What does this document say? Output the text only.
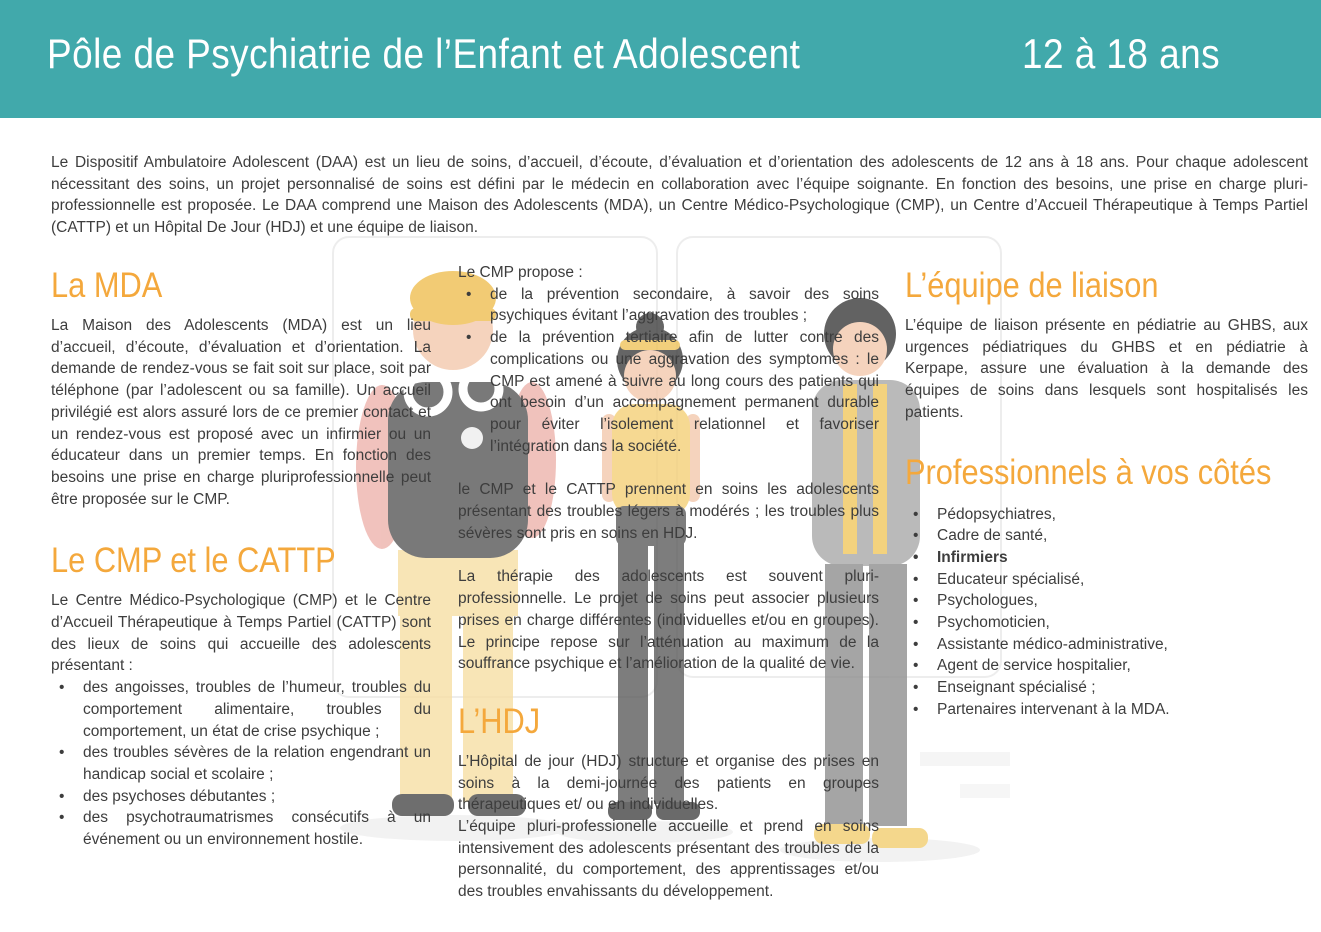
Pôle de Psychiatrie de l’Enfant et Adolescent	12 à 18 ans

Le Dispositif Ambulatoire Adolescent (DAA) est un lieu de soins, d’accueil, d’écoute, d’évaluation et d’orientation des adolescents de 12 ans à 18 ans. Pour chaque adolescent nécessitant des soins, un projet personnalisé de soins est défini par le médecin en collaboration avec l’équipe soignante. En fonction des besoins, une prise en charge pluri-professionnelle est proposée. Le DAA comprend une Maison des Adolescents (MDA), un Centre Médico-Psychologique (CMP), un Centre d’Accueil Thérapeutique à Temps Partiel (CATTP) et un Hôpital De Jour (HDJ) et une équipe de liaison.

La MDA

La Maison des Adolescents (MDA) est un lieu d’accueil, d’écoute, d’évaluation et d’orientation. La demande de rendez-vous se fait soit sur place, soit par téléphone (par l’adolescent ou sa famille). Un accueil privilégié est alors assuré lors de ce premier contact et un rendez-vous est proposé avec un infirmier ou un éducateur dans un premier temps. En fonction des besoins une prise en charge pluriprofessionnelle peut être proposée sur le CMP.

Le CMP et le CATTP

Le Centre Médico-Psychologique (CMP) et le Centre d’Accueil Thérapeutique à Temps Partiel (CATTP) sont des lieux de soins qui accueille des adolescents présentant :

• des angoisses, troubles de l’humeur, troubles du comportement alimentaire, troubles du comportement, un état de crise psychique ;
• des troubles sévères de la relation engendrant un handicap social et scolaire ;
• des psychoses débutantes ;
• des psychotraumatrismes consécutifs à un événement ou un environnement hostile.

Le CMP propose :

• de la prévention secondaire, à savoir des soins psychiques évitant l’aggravation des troubles ;
• de la prévention tertiaire afin de lutter contre des complications ou une aggravation des symptomes : le CMP est amené à suivre au long cours des patients qui ont besoin d’un accompagnement permanent durable pour éviter l’isolement relationnel et favoriser l’intégration dans la société.

le CMP et le CATTP prennent en soins les adolescents présentant des troubles légers à modérés ; les troubles plus sévères sont pris en soins en HDJ.

La thérapie des adolescents est souvent pluri-professionnelle. Le projet de soins peut associer plusieurs prises en charge différentes (individuelles et/ou en groupes). Le principe repose sur l’atténuation au maximum de la souffrance psychique et l’amélioration de la qualité de vie.

L’HDJ

L’Hôpital de jour (HDJ) structure et organise des prises en soins à la demi-journée des patients en groupes thérapeutiques et/ ou en individuelles.

L’équipe pluri-professionelle accueille et prend en soins intensivement des adolescents présentant des troubles de la personnalité, du comportement, des apprentissages et/ou des troubles envahissants du développement.

L’équipe de liaison

L’équipe de liaison présente en pédiatrie au GHBS, aux urgences pédiatriques du GHBS et en pédiatrie à Kerpape, assure une évaluation à la demande des équipes de soins dans lesquels sont hospitalisés les patients.

Professionnels à vos côtés
• Pédopsychiatres,
• Cadre de santé,
• Infirmiers
• Educateur spécialisé,
• Psychologues,
• Psychomoticien,
• Assistante médico-administrative,
• Agent de service hospitalier,
• Enseignant spécialisé ;
• Partenaires intervenant à la MDA.
